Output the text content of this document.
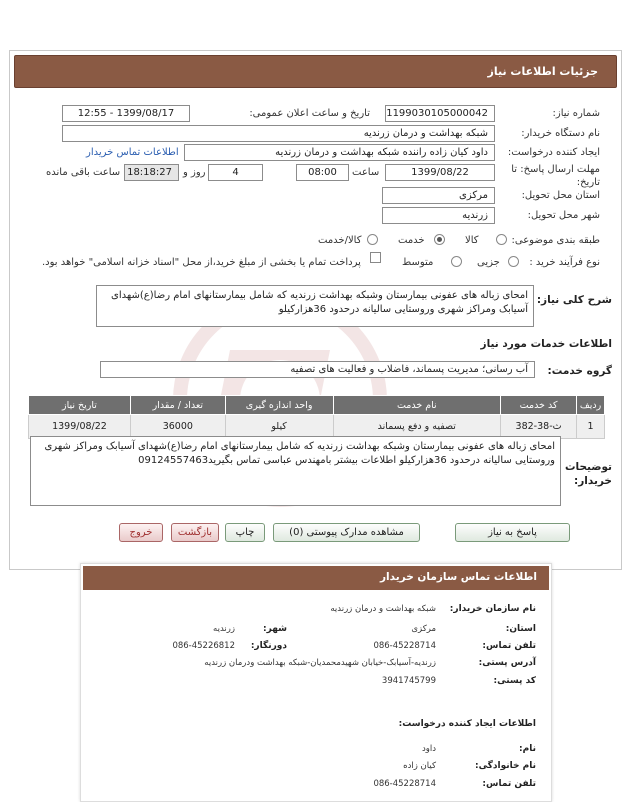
جزئیات اطلاعات نیاز
شماره نیاز:
1199030105000042
تاریخ و ساعت اعلان عمومی:
1399/08/17 - 12:55
نام دستگاه خریدار:
شبکه بهداشت و درمان زرندیه
ایجاد کننده درخواست:
داود کیان زاده راننده شبکه بهداشت و درمان زرندیه
اطلاعات تماس خریدار
مهلت ارسال پاسخ: تا تاریخ:
1399/08/22
ساعت
08:00
4
روز و
18:18:27
ساعت باقی مانده
استان محل تحویل:
مرکزی
شهر محل تحویل:
زرندیه
طبقه بندی موضوعی:
کالا
خدمت
کالا/خدمت
نوع فرآیند خرید :
جزیی
متوسط
پرداخت تمام یا بخشی از مبلغ خرید،از محل "اسناد خزانه اسلامی" خواهد بود.
شرح کلی نیاز:
امحای زباله های عفونی بیمارستان وشبکه بهداشت زرندیه که شامل بیمارستانهای امام رضا(ع)شهدای آسیابک ومراکز شهری وروستایی سالیانه درحدود 36هزارکیلو
اطلاعات خدمات مورد نیاز
گروه خدمت:
آب رسانی؛ مدیریت پسماند، فاضلاب و فعالیت های تصفیه
ردیف	کد خدمت	نام خدمت	واحد اندازه گیری	تعداد / مقدار	تاریخ نیاز
1	ث-38-382	تصفیه و دفع پسماند	کیلو	36000	1399/08/22
توضیحات خریدار:
امحای زباله های عفونی بیمارستان وشبکه بهداشت زرندیه که شامل بیمارستانهای امام رضا(ع)شهدای آسیابک ومراکز شهری وروستایی سالیانه درحدود 36هزارکیلو اطلاعات بیشتر بامهندس عباسی تماس بگیرید09124557463
پاسخ به نیاز
مشاهده مدارک پیوستی (0)
چاپ
بازگشت
خروج
اطلاعات تماس سازمان خریدار
نام سازمان خریدار:
شبکه بهداشت و درمان زرندیه
استان:
مرکزی
شهر:
زرندیه
تلفن تماس:
086-45228714
دورنگار:
086-45226812
آدرس پستی:
زرندیه-آسیابک-خیابان شهیدمحمدیان-شبکه بهداشت ودرمان زرندیه
کد پستی:
3941745799
اطلاعات ایجاد کننده درخواست:
نام:
داود
نام خانوادگی:
کیان زاده
تلفن تماس:
086-45228714
